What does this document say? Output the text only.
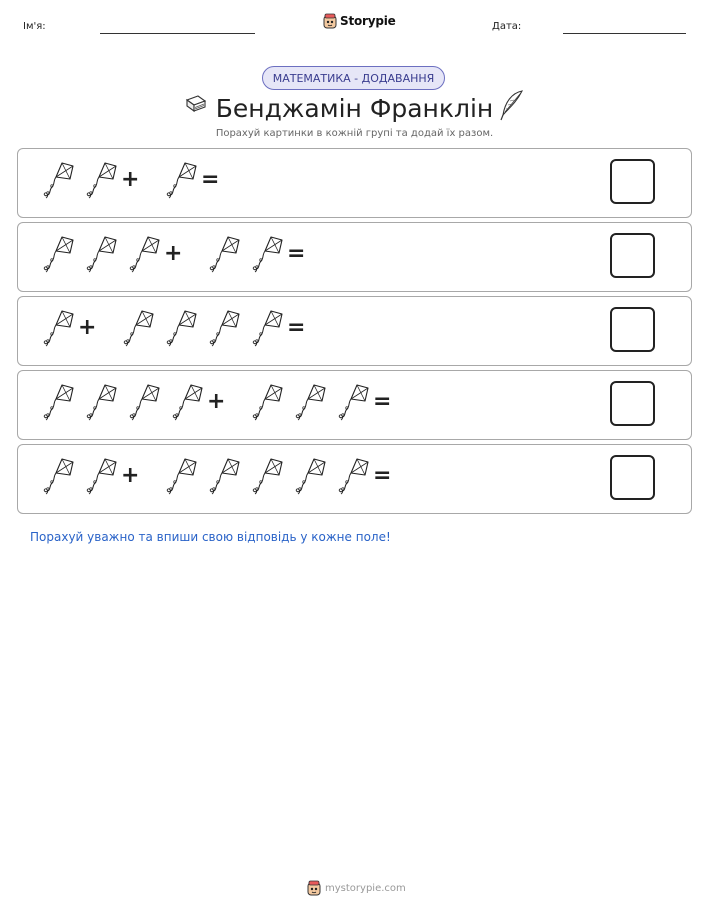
Ім'я:	Storypie	Дата:
МАТЕМАТИКА - ДОДАВАННЯ
Бенджамін Франклін
Порахуй картинки в кожній групі та додай їх разом.
+	=
+	=
+	=
+	=
+	=
Порахуй уважно та впиши свою відповідь у кожне поле!
mystorypie.com
